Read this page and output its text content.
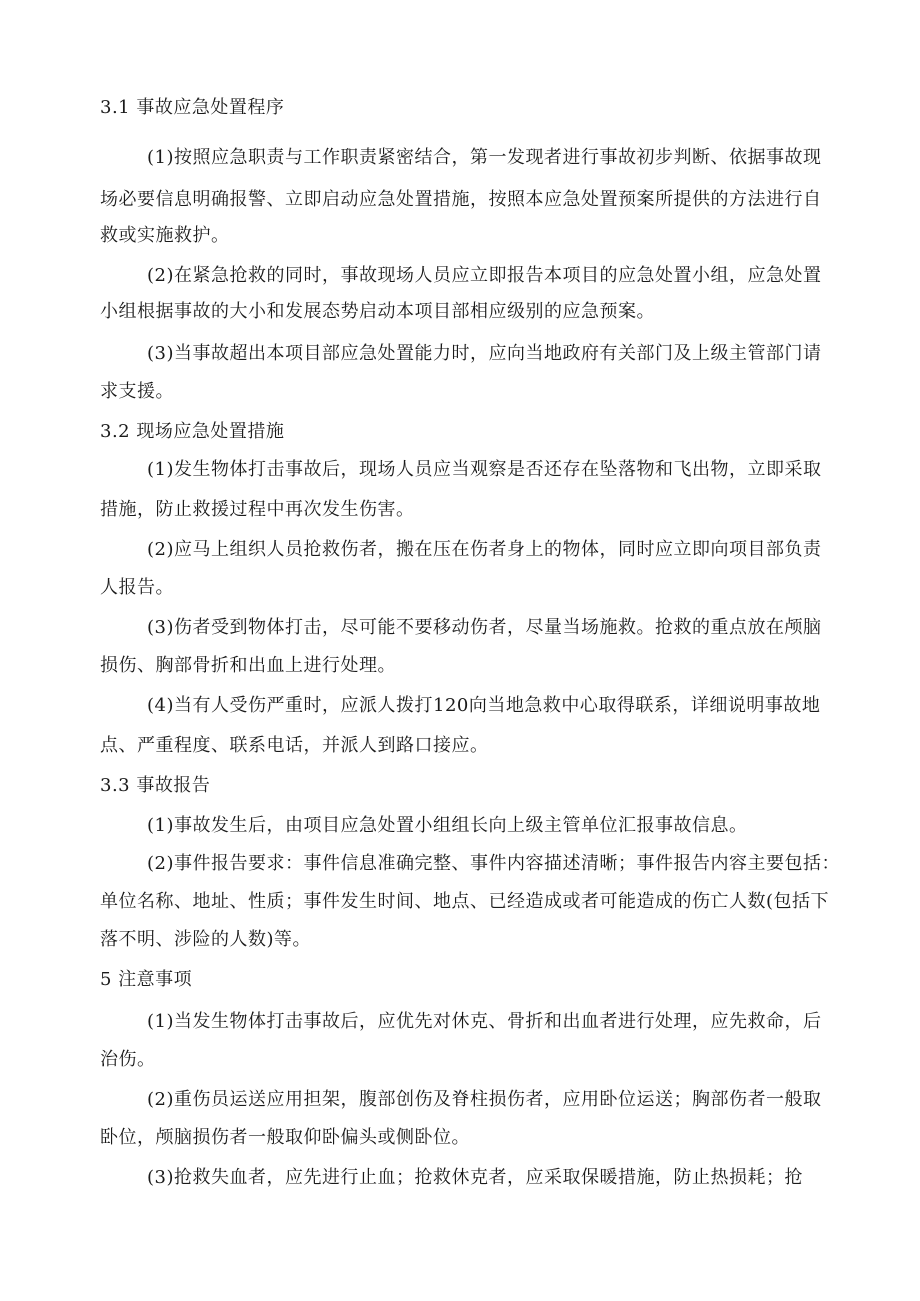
3.1 事故应急处置程序
(1)按照应急职责与工作职责紧密结合，第一发现者进行事故初步判断、依据事故现
场必要信息明确报警、立即启动应急处置措施，按照本应急处置预案所提供的方法进行自
救或实施救护。
(2)在紧急抢救的同时，事故现场人员应立即报告本项目的应急处置小组，应急处置
小组根据事故的大小和发展态势启动本项目部相应级别的应急预案。
(3)当事故超出本项目部应急处置能力时，应向当地政府有关部门及上级主管部门请
求支援。
3.2 现场应急处置措施
(1)发生物体打击事故后，现场人员应当观察是否还存在坠落物和飞出物，立即采取
措施，防止救援过程中再次发生伤害。
(2)应马上组织人员抢救伤者，搬在压在伤者身上的物体，同时应立即向项目部负责
人报告。
(3)伤者受到物体打击，尽可能不要移动伤者，尽量当场施救。抢救的重点放在颅脑
损伤、胸部骨折和出血上进行处理。
(4)当有人受伤严重时，应派人拨打120向当地急救中心取得联系，详细说明事故地
点、严重程度、联系电话，并派人到路口接应。
3.3 事故报告
(1)事故发生后，由项目应急处置小组组长向上级主管单位汇报事故信息。
(2)事件报告要求：事件信息准确完整、事件内容描述清晰；事件报告内容主要包括：
单位名称、地址、性质；事件发生时间、地点、已经造成或者可能造成的伤亡人数(包括下
落不明、涉险的人数)等。
5 注意事项
(1)当发生物体打击事故后，应优先对休克、骨折和出血者进行处理，应先救命，后
治伤。
(2)重伤员运送应用担架，腹部创伤及脊柱损伤者，应用卧位运送；胸部伤者一般取
卧位，颅脑损伤者一般取仰卧偏头或侧卧位。
(3)抢救失血者，应先进行止血；抢救休克者，应采取保暖措施，防止热损耗；抢
